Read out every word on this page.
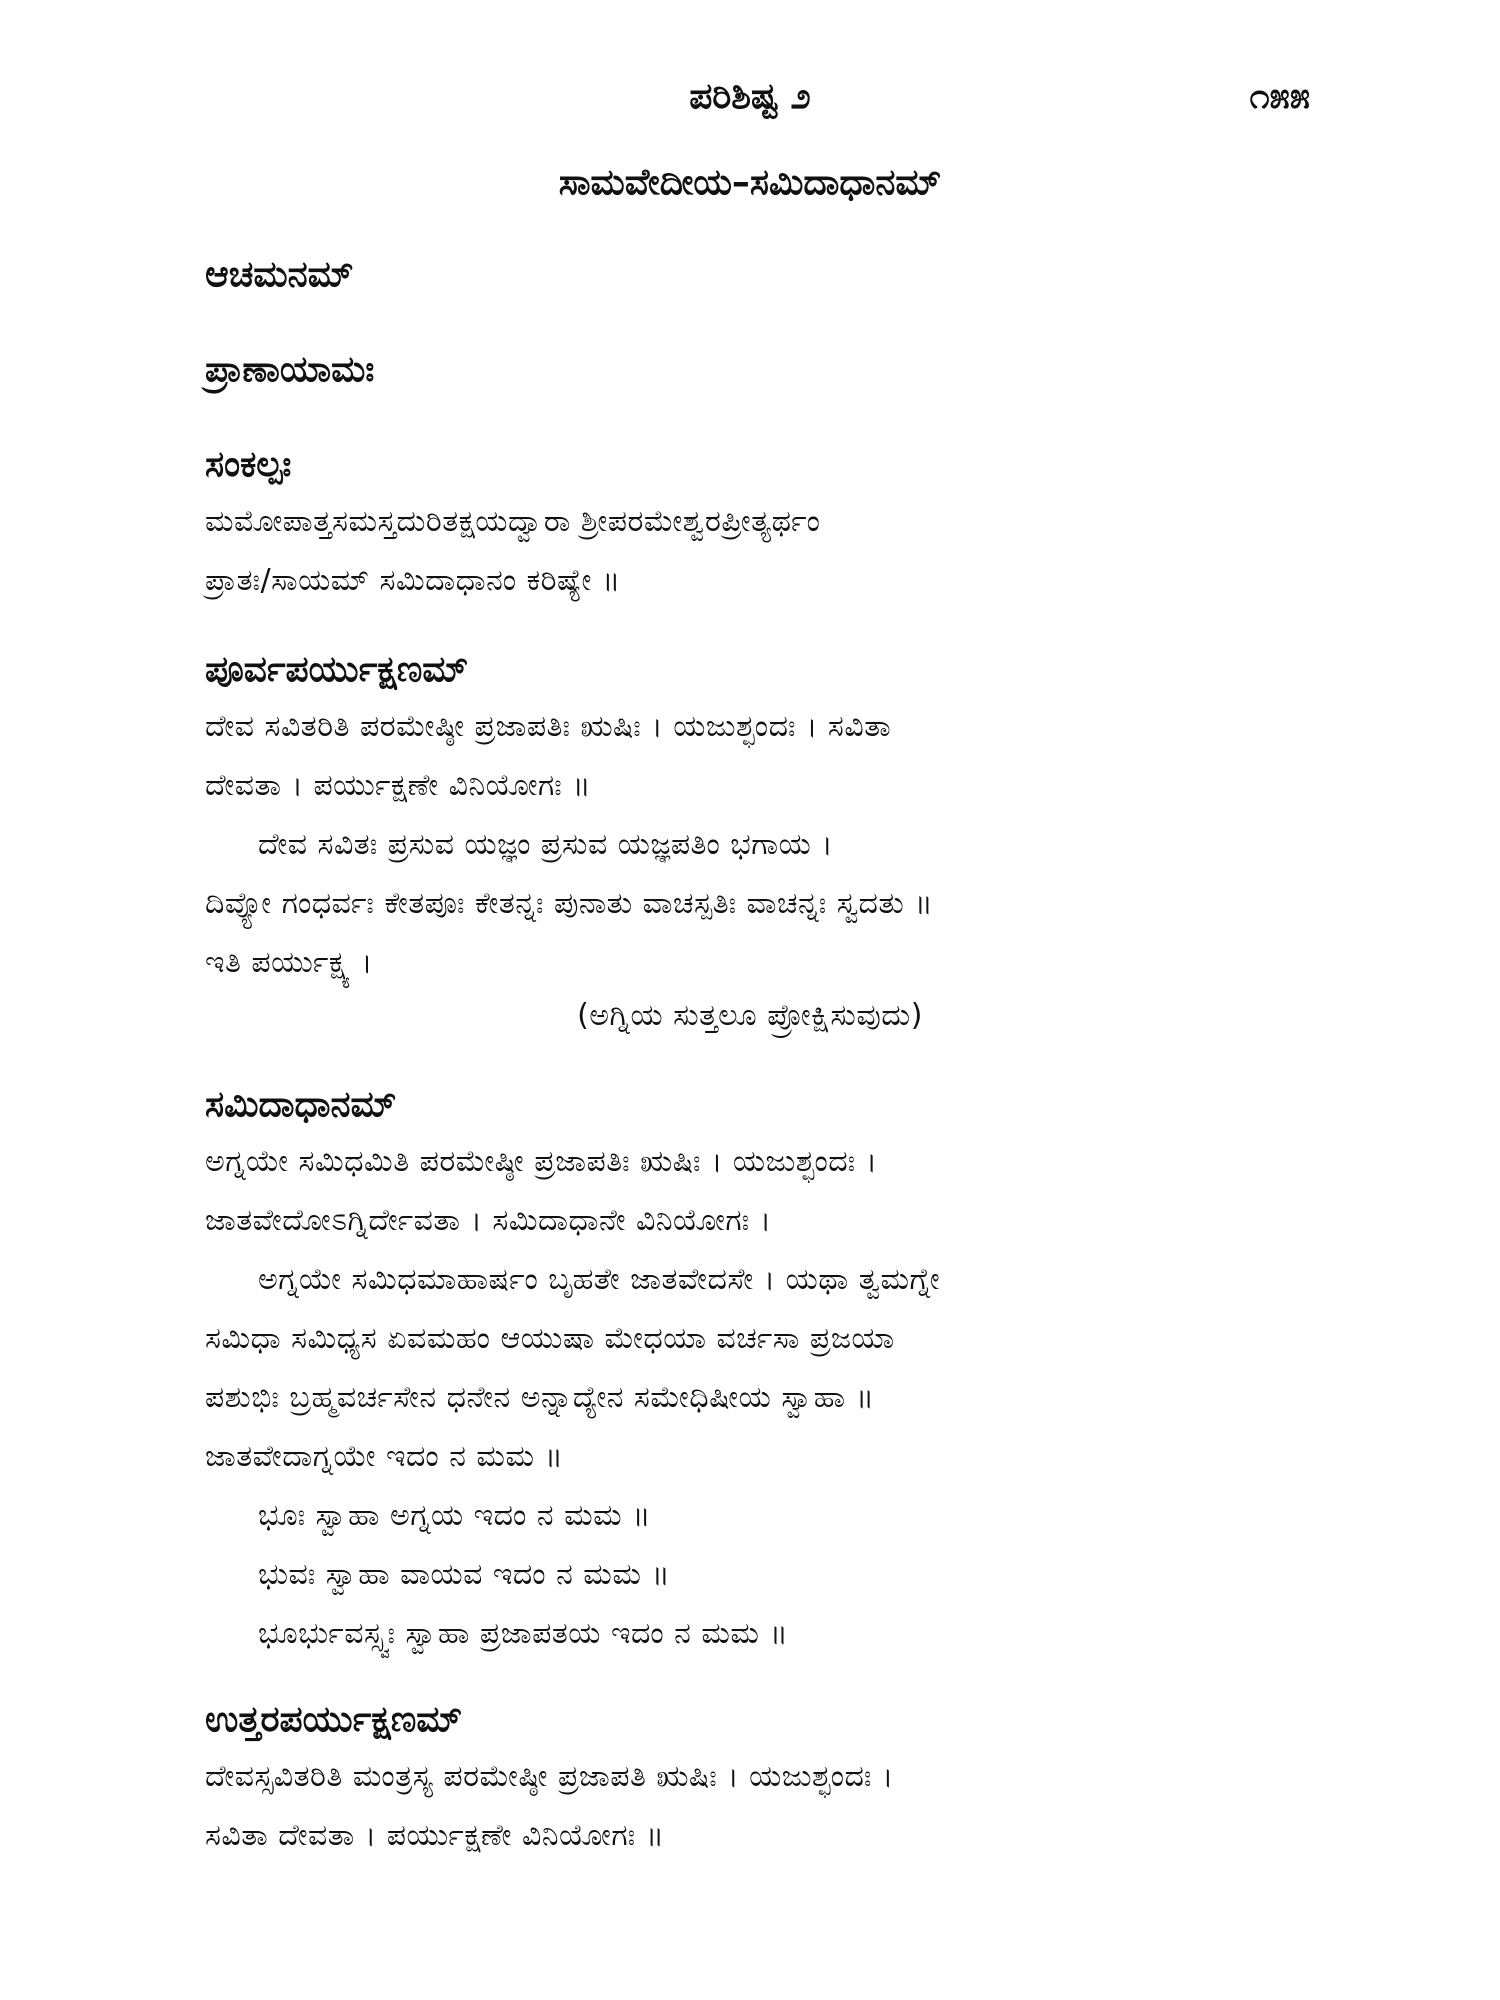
ಪರಿಶಿಷ್ಟ ೨	೧೫೫
ಸಾಮವೇದೀಯ–ಸಮಿದಾಧಾನಮ್
ಆಚಮನಮ್
ಪ್ರಾಣಾಯಾಮಃ
ಸಂಕಲ್ಪಃ
ಮಮೋಪಾತ್ತಸಮಸ್ತದುರಿತಕ್ಷಯದ್ವಾರಾ ಶ್ರೀಪರಮೇಶ್ವರಪ್ರೀತ್ಯರ್ಥಂ
ಪ್ರಾತಃ/ಸಾಯಮ್ ಸಮಿದಾಧಾನಂ ಕರಿಷ್ಯೇ ॥
ಪೂರ್ವಪರ್ಯುಕ್ಷಣಮ್
ದೇವ ಸವಿತರಿತಿ ಪರಮೇಷ್ಠೀ ಪ್ರಜಾಪತಿಃ ಋಷಿಃ । ಯಜುಶ್ಛಂದಃ । ಸವಿತಾ
ದೇವತಾ । ಪರ್ಯುಕ್ಷಣೇ ವಿನಿಯೋಗಃ ॥
ದೇವ ಸವಿತಃ ಪ್ರಸುವ ಯಜ್ಞಂ ಪ್ರಸುವ ಯಜ್ಞಪತಿಂ ಭಗಾಯ ।
ದಿವ್ಯೋ ಗಂಧರ್ವಃ ಕೇತಪೂಃ ಕೇತನ್ನಃ ಪುನಾತು ವಾಚಸ್ಪತಿಃ ವಾಚನ್ನಃ ಸ್ವದತು ॥
ಇತಿ ಪರ್ಯುಕ್ಷ್ಯ ।
(ಅಗ್ನಿಯ ಸುತ್ತಲೂ ಪ್ರೋಕ್ಷಿಸುವುದು)
ಸಮಿದಾಧಾನಮ್
ಅಗ್ನಯೇ ಸಮಿಧಮಿತಿ ಪರಮೇಷ್ಠೀ ಪ್ರಜಾಪತಿಃ ಋಷಿಃ । ಯಜುಶ್ಛಂದಃ ।
ಜಾತವೇದೋಽಗ್ನಿರ್ದೇವತಾ । ಸಮಿದಾಧಾನೇ ವಿನಿಯೋಗಃ ।
ಅಗ್ನಯೇ ಸಮಿಧಮಾಹಾರ್ಷಂ ಬೃಹತೇ ಜಾತವೇದಸೇ । ಯಥಾ ತ್ವಮಗ್ನೇ
ಸಮಿಧಾ ಸಮಿಧ್ಯಸ ಏವಮಹಂ ಆಯುಷಾ ಮೇಧಯಾ ವರ್ಚಸಾ ಪ್ರಜಯಾ
ಪಶುಭಿಃ ಬ್ರಹ್ಮವರ್ಚಸೇನ ಧನೇನ ಅನ್ನಾದ್ಯೇನ ಸಮೇಧಿಷೀಯ ಸ್ವಾಹಾ ॥
ಜಾತವೇದಾಗ್ನಯೇ ಇದಂ ನ ಮಮ ॥
ಭೂಃ ಸ್ವಾಹಾ ಅಗ್ನಯ ಇದಂ ನ ಮಮ ॥
ಭುವಃ ಸ್ವಾಹಾ ವಾಯವ ಇದಂ ನ ಮಮ ॥
ಭೂರ್ಭುವಸ್ಸ್ವಃ ಸ್ವಾಹಾ ಪ್ರಜಾಪತಯ ಇದಂ ನ ಮಮ ॥
ಉತ್ತರಪರ್ಯುಕ್ಷಣಮ್
ದೇವಸ್ಸವಿತರಿತಿ ಮಂತ್ರಸ್ಯ ಪರಮೇಷ್ಠೀ ಪ್ರಜಾಪತಿ ಋಷಿಃ । ಯಜುಶ್ಛಂದಃ ।
ಸವಿತಾ ದೇವತಾ । ಪರ್ಯುಕ್ಷಣೇ ವಿನಿಯೋಗಃ ॥
